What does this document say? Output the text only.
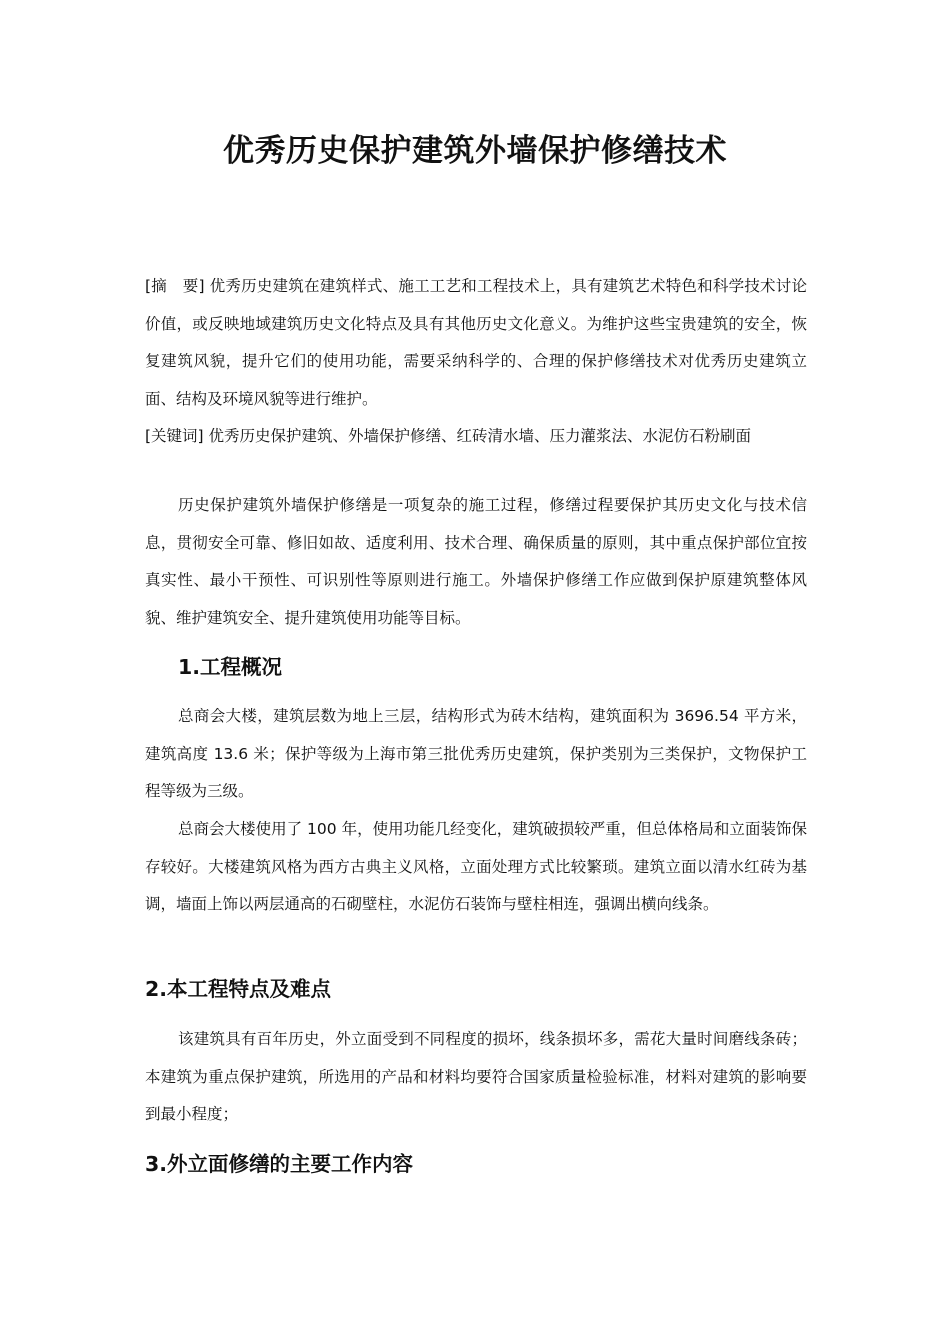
优秀历史保护建筑外墙保护修缮技术

[摘　要] 优秀历史建筑在建筑样式、施工工艺和工程技术上，具有建筑艺术特色和科学技术讨论价值，或反映地域建筑历史文化特点及具有其他历史文化意义。为维护这些宝贵建筑的安全，恢复建筑风貌，提升它们的使用功能，需要采纳科学的、合理的保护修缮技术对优秀历史建筑立面、结构及环境风貌等进行维护。

[关键词] 优秀历史保护建筑、外墙保护修缮、红砖清水墙、压力灌浆法、水泥仿石粉刷面

历史保护建筑外墙保护修缮是一项复杂的施工过程，修缮过程要保护其历史文化与技术信息，贯彻安全可靠、修旧如故、适度利用、技术合理、确保质量的原则，其中重点保护部位宜按真实性、最小干预性、可识别性等原则进行施工。外墙保护修缮工作应做到保护原建筑整体风貌、维护建筑安全、提升建筑使用功能等目标。

1.工程概况

总商会大楼，建筑层数为地上三层，结构形式为砖木结构，建筑面积为 3696.54 平方米，建筑高度 13.6 米；保护等级为上海市第三批优秀历史建筑，保护类别为三类保护，文物保护工程等级为三级。

总商会大楼使用了 100 年，使用功能几经变化，建筑破损较严重，但总体格局和立面装饰保存较好。大楼建筑风格为西方古典主义风格，立面处理方式比较繁琐。建筑立面以清水红砖为基调，墙面上饰以两层通高的石砌壁柱，水泥仿石装饰与壁柱相连，强调出横向线条。

2.本工程特点及难点

该建筑具有百年历史，外立面受到不同程度的损坏，线条损坏多，需花大量时间磨线条砖；本建筑为重点保护建筑，所选用的产品和材料均要符合国家质量检验标准，材料对建筑的影响要到最小程度；

3.外立面修缮的主要工作内容
